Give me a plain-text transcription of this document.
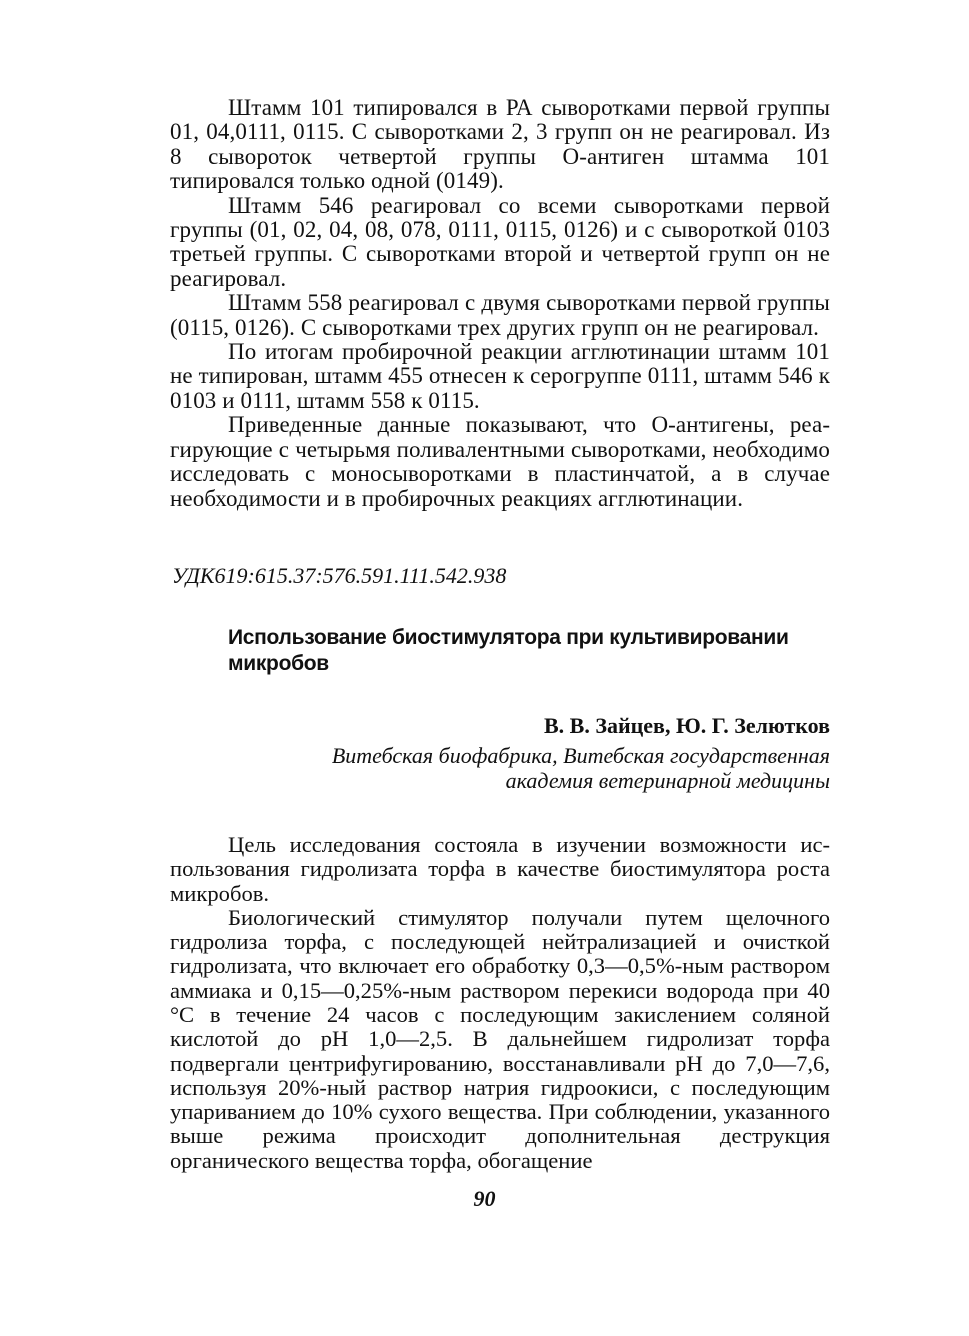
Штамм 101 типировался в РА сыворотками первой группы 01, 04,0111, 0115. С сыворотками 2, 3 групп он не реагировал. Из 8 сывороток четвертой группы О-антиген штамма 101 типировался только одной (0149).

Штамм 546 реагировал со всеми сыворотками первой группы (01, 02, 04, 08, 078, 0111, 0115, 0126) и с сывороткой 0103 третьей группы. С сыворотками второй и четвертой групп он не реагировал.

Штамм 558 реагировал с двумя сыворотками первой группы (0115, 0126). С сыворотками трех других групп он не реагировал.

По итогам пробирочной реакции агглютинации штамм 101 не типирован, штамм 455 отнесен к серогруппе 0111, штамм 546 к 0103 и 0111, штамм 558 к 0115.

Приведенные данные показывают, что О-антигены, реагирующие с четырьмя поливалентными сыворотками, необходимо исследовать с моносыворотками в пластинчатой, а в случае необходимости и в пробирочных реакциях агглютинации.

УДК619:615.37:576.591.111.542.938
Использование биостимулятора при культивировании микробов
В. В. Зайцев, Ю. Г. Зелютков
Витебская биофабрика, Витебская государственная
академия ветеринарной медицины

Цель исследования состояла в изучении возможности использования гидролизата торфа в качестве биостимулятора роста микробов.

Биологический стимулятор получали путем щелочного гидролиза торфа, с последующей нейтрализацией и очисткой гидролизата, что включает его обработку 0,3—0,5%-ным раствором аммиака и 0,15—0,25%-ным раствором перекиси водорода при 40 °С в течение 24 часов с последующим закислением соляной кислотой до рН 1,0—2,5. В дальнейшем гидролизат торфа подвергали центрифугированию, восстанавливали рН до 7,0—7,6, используя 20%-ный раствор натрия гидроокиси, с последующим упариванием до 10% сухого вещества. При соблюдении, указанного выше режима происходит дополнительная деструкция органического вещества торфа, обогащение

90
